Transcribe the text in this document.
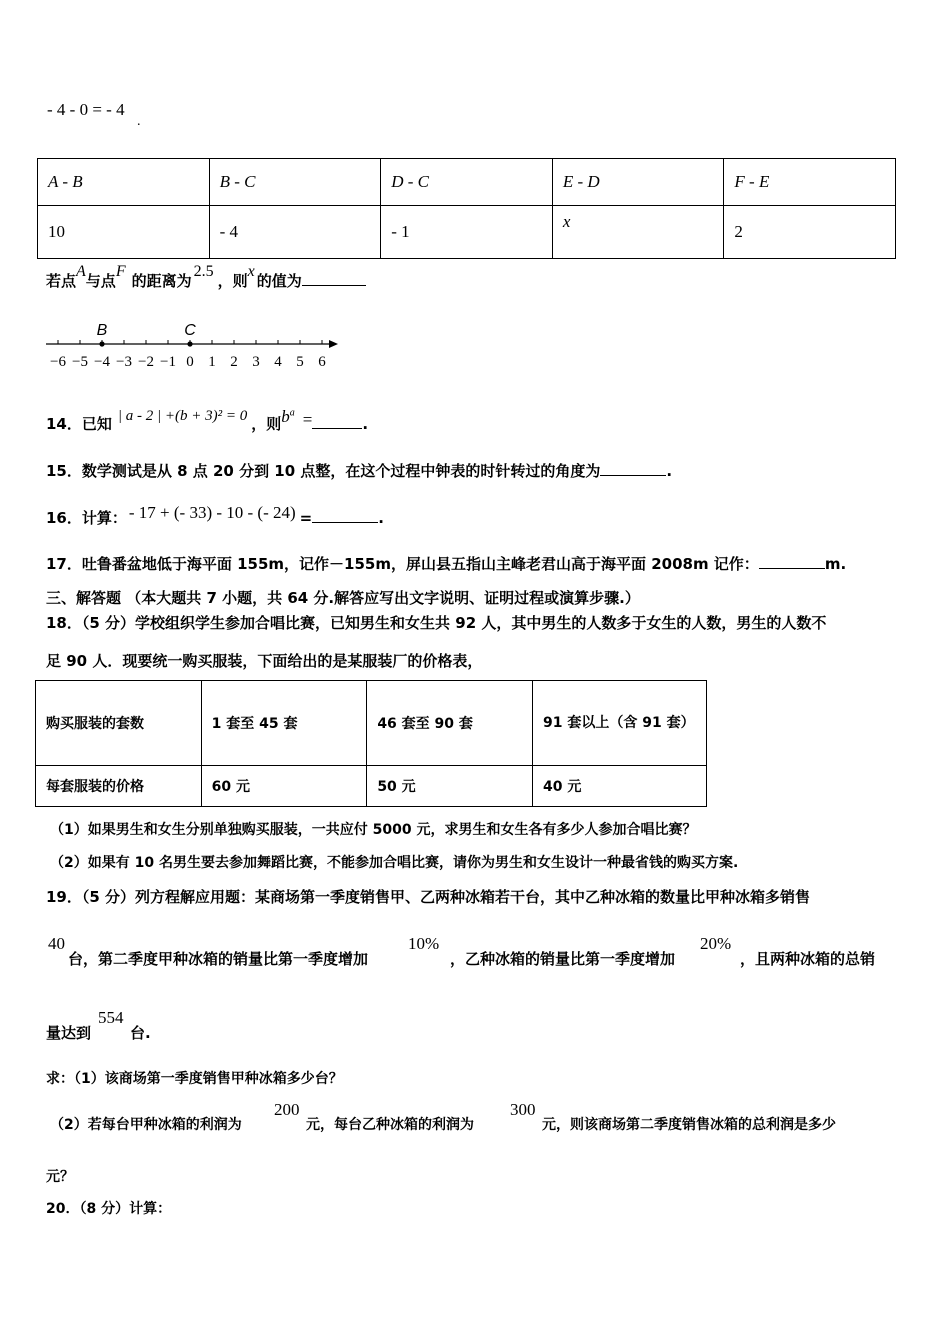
- 4 - 0 = - 4
.
A - B	B - C	D - C	E - D	F - E
10	- 4	- 1	x	2
若点A与点F的距离为2.5，则x的值为
−6 −5 −4 −3 −2 −1 0 1 2 3 4 5 6
B	C
14．已知 | a - 2 | +(b + 3)² = 0 ，则$b^a$ =	.
15．数学测试是从 8 点 20 分到 10 点整，在这个过程中钟表的时针转过的角度为	.
16．计算： - 17 + (- 33) - 10 - (- 24) =	.
17．吐鲁番盆地低于海平面 155m，记作－155m，屏山县五指山主峰老君山高于海平面 2008m 记作：	m.
三、解答题 （本大题共 7 小题，共 64 分.解答应写出文字说明、证明过程或演算步骤.）
18．（5 分）学校组织学生参加合唱比赛，已知男生和女生共 92 人，其中男生的人数多于女生的人数，男生的人数不
足 90 人．现要统一购买服装，下面给出的是某服装厂的价格表，
购买服装的套数	1 套至 45 套	46 套至 90 套	91 套以上（含 91 套）

每套服装的价格	60 元	50 元	40 元
（1）如果男生和女生分别单独购买服装，一共应付 5000 元，求男生和女生各有多少人参加合唱比赛？
（2）如果有 10 名男生要去参加舞蹈比赛，不能参加合唱比赛，请你为男生和女生设计一种最省钱的购买方案.
19．（5 分）列方程解应用题：某商场第一季度销售甲、乙两种冰箱若干台，其中乙种冰箱的数量比甲种冰箱多销售
40
台，第二季度甲种冰箱的销量比第一季度增加
10%
，乙种冰箱的销量比第一季度增加
20%
，且两种冰箱的总销
量达到
554
台.
求：（1）该商场第一季度销售甲种冰箱多少台？
（2）若每台甲种冰箱的利润为
200
元，每台乙种冰箱的利润为
300
元，则该商场第二季度销售冰箱的总利润是多少
元？
20．（8 分）计算：
